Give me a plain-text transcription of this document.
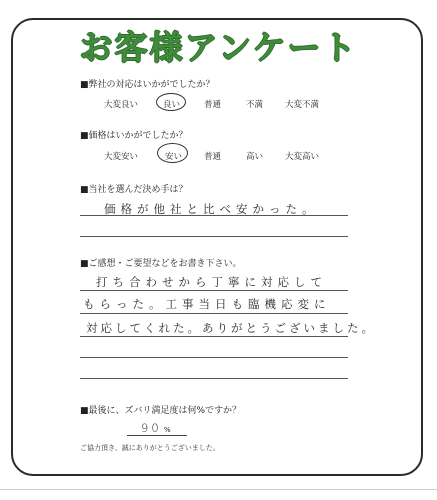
お客様アンケート
■弊社の対応はいかがでしたか？
大変良い	良い	普通	不満	大変不満
■価格はいかがでしたか？
大変安い	安い	普通	高い	大変高い
■当社を選んだ決め手は？
価格が他社と比べ安かった。
■ご感想・ご要望などをお書き下さい。
打ち合わせから丁寧に対応して
もらった。工事当日も臨機応変に
対応してくれた。ありがとうございました。
■最後に、ズバリ満足度は何%ですか？
90 %
ご協力頂き、誠にありがとうございました。
